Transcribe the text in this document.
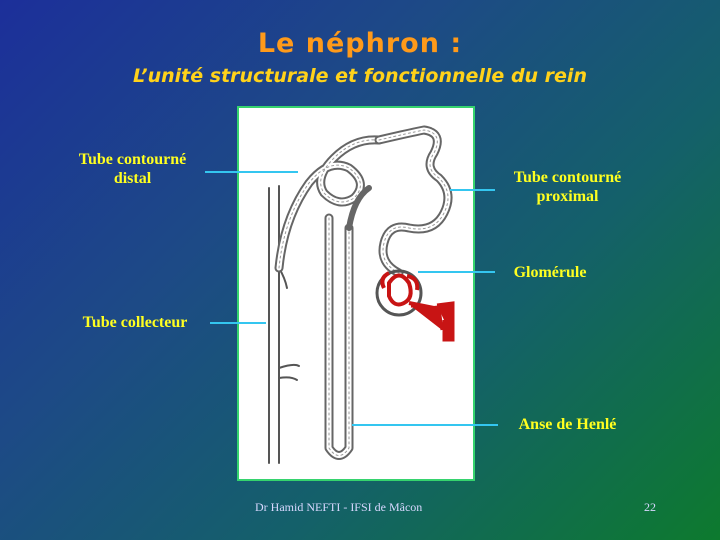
Le néphron :
L’unité structurale et fonctionnelle du rein
Tube contourné
distal	Tube contourné
proximal
Glomérule
Tube collecteur
Anse de Henlé
Dr Hamid NEFTI - IFSI de Mâcon	22
